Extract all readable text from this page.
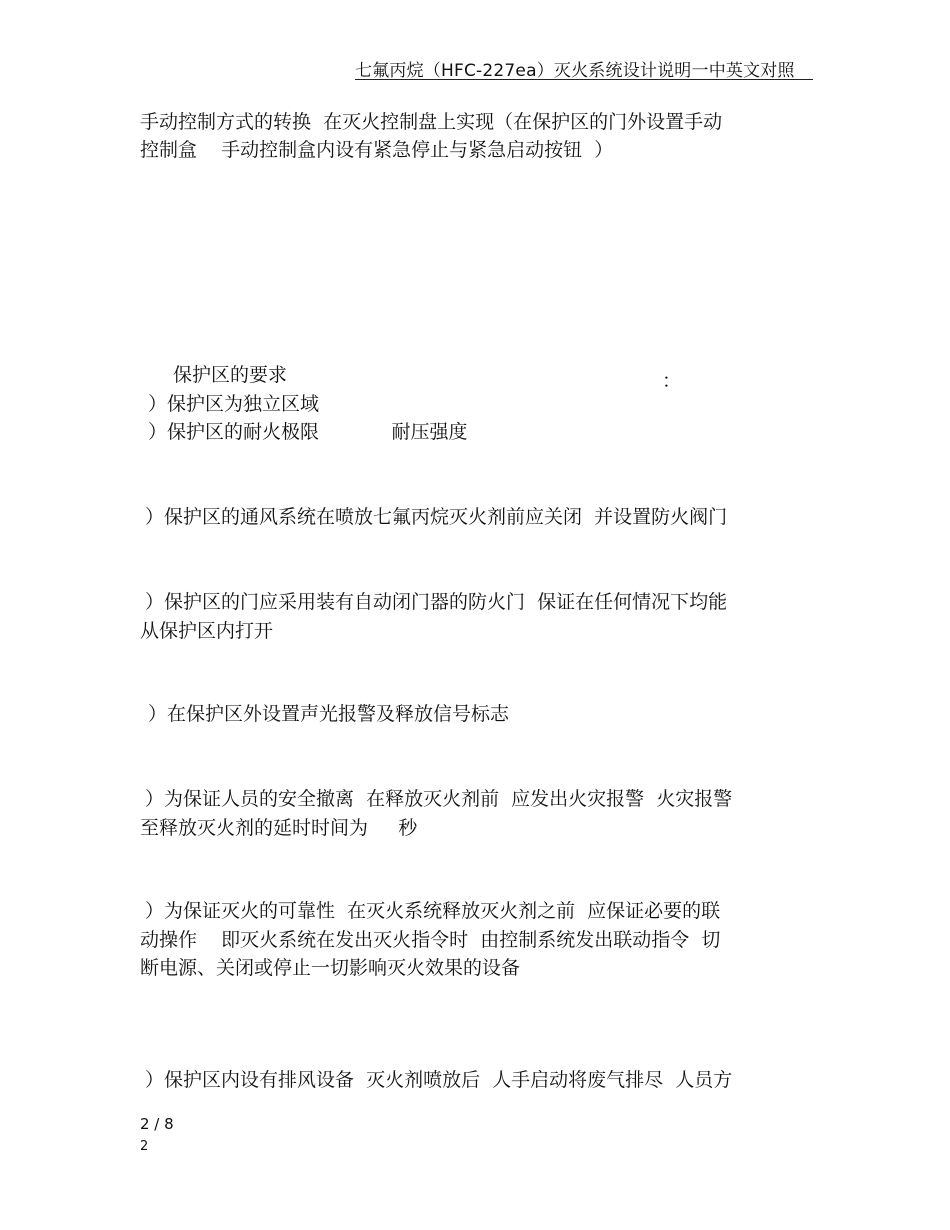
七氟丙烷（HFC-227ea）灭火系统设计说明一中英文对照
手动控制方式的转换  在灭火控制盘上实现（在保护区的门外设置手动
控制盒    手动控制盒内设有紧急停止与紧急启动按钮  ）
保护区的要求	：
）保护区为独立区域
）保护区的耐火极限            耐压强度
）保护区的通风系统在喷放七氟丙烷灭火剂前应关闭  并设置防火阀门
）保护区的门应采用装有自动闭门器的防火门  保证在任何情况下均能
从保护区内打开
）在保护区外设置声光报警及释放信号标志
）为保证人员的安全撤离  在释放灭火剂前  应发出火灾报警  火灾报警
至释放灭火剂的延时时间为     秒
）为保证灭火的可靠性  在灭火系统释放灭火剂之前  应保证必要的联
动操作    即灭火系统在发出灭火指令时  由控制系统发出联动指令  切
断电源、关闭或停止一切影响灭火效果的设备
）保护区内设有排风设备  灭火剂喷放后  人手启动将废气排尽  人员方
2 / 8
2
